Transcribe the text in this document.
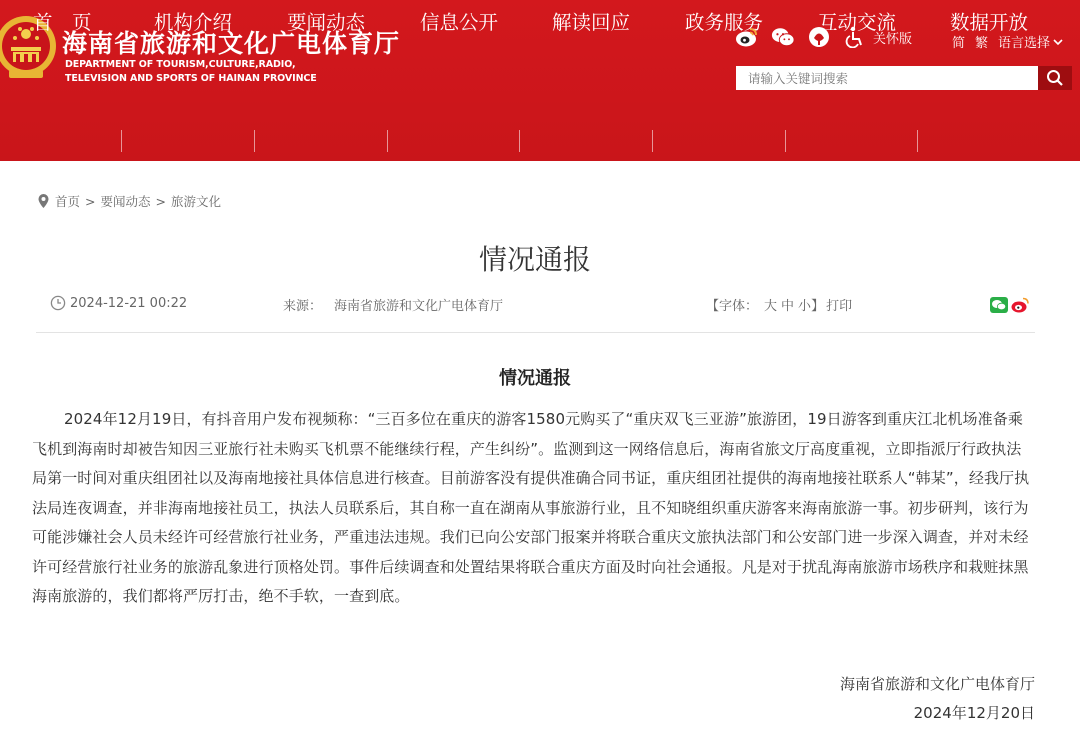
海南省旅游和文化广电体育厅
DEPARTMENT OF TOURISM,CULTURE,RADIO,
TELEVISION AND SPORTS OF HAINAN PROVINCE
关怀版	简 繁 语言选择
请输入关键词搜索
首　页	机构介绍	要闻动态	信息公开	解读回应	政务服务	互动交流	数据开放
首页 > 要闻动态 > 旅游文化
情况通报
2024-12-21 00:22	来源： 海南省旅游和文化广电体育厅	【字体： 大 中 小】 打印
情况通报
2024年12月19日，有抖音用户发布视频称：“三百多位在重庆的游客1580元购买了“重庆双飞三亚游”旅游团，19日游客到重庆江北机场准备乘飞机到海南时却被告知因三亚旅行社未购买飞机票不能继续行程，产生纠纷”。监测到这一网络信息后，海南省旅文厅高度重视，立即指派厅行政执法局第一时间对重庆组团社以及海南地接社具体信息进行核查。目前游客没有提供准确合同书证，重庆组团社提供的海南地接社联系人“韩某”，经我厅执法局连夜调查，并非海南地接社员工，执法人员联系后，其自称一直在湖南从事旅游行业，且不知晓组织重庆游客来海南旅游一事。初步研判，该行为可能涉嫌社会人员未经许可经营旅行社业务，严重违法违规。我们已向公安部门报案并将联合重庆文旅执法部门和公安部门进一步深入调查，并对未经许可经营旅行社业务的旅游乱象进行顶格处罚。事件后续调查和处置结果将联合重庆方面及时向社会通报。凡是对于扰乱海南旅游市场秩序和栽赃抹黑海南旅游的，我们都将严厉打击，绝不手软，一查到底。
海南省旅游和文化广电体育厅
2024年12月20日
